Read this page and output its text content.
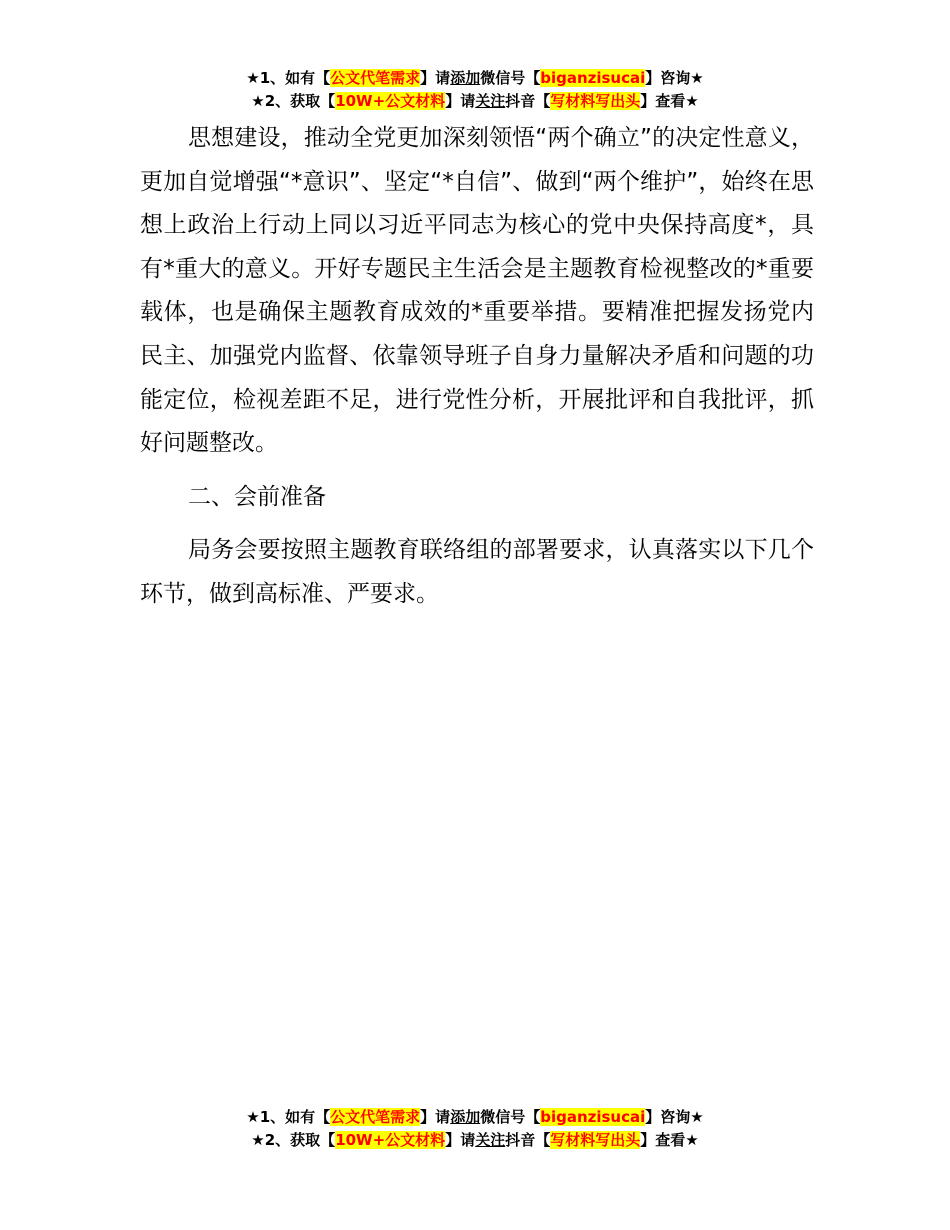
★1、如有【公文代笔需求】请添加微信号【biganzisucai】咨询★
★2、获取【10W+公文材料】请关注抖音【写材料写出头】查看★

思想建设，推动全党更加深刻领悟“两个确立”的决定性意义，更加自觉增强“*意识”、坚定“*自信”、做到“两个维护”，始终在思想上政治上行动上同以习近平同志为核心的党中央保持高度*，具有*重大的意义。开好专题民主生活会是主题教育检视整改的*重要载体，也是确保主题教育成效的*重要举措。要精准把握发扬党内民主、加强党内监督、依靠领导班子自身力量解决矛盾和问题的功能定位，检视差距不足，进行党性分析，开展批评和自我批评，抓好问题整改。

二、会前准备

局务会要按照主题教育联络组的部署要求，认真落实以下几个环节，做到高标准、严要求。

★1、如有【公文代笔需求】请添加微信号【biganzisucai】咨询★
★2、获取【10W+公文材料】请关注抖音【写材料写出头】查看★
